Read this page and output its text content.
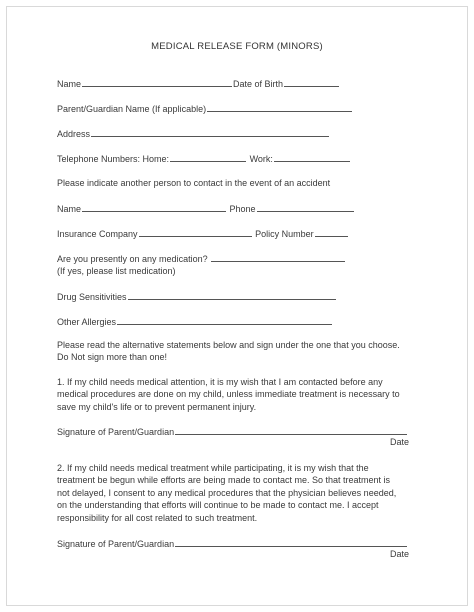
MEDICAL RELEASE FORM (MINORS)
Name	Date of Birth
Parent/Guardian Name (If applicable)
Address
Telephone Numbers: Home:	Work:
Please indicate another person to contact in the event of an accident
Name	Phone
Insurance Company	Policy Number
Are you presently on any medication?
(If yes, please list medication)
Drug Sensitivities
Other Allergies

Please read the alternative statements below and sign under the one that you choose.

Do Not sign more than one!

1. If my child needs medical attention, it is my wish that I am contacted before any

medical procedures are done on my child, unless immediate treatment is necessary to

save my child's life or to prevent permanent injury.

Signature of Parent/Guardian
Date

2. If my child needs medical treatment while participating, it is my wish that the

treatment be begun while efforts are being made to contact me. So that treatment is

not delayed, I consent to any medical procedures that the physician believes needed,

on the understanding that efforts will continue to be made to contact me. I accept

responsibility for all cost related to such treatment.

Signature of Parent/Guardian
Date
